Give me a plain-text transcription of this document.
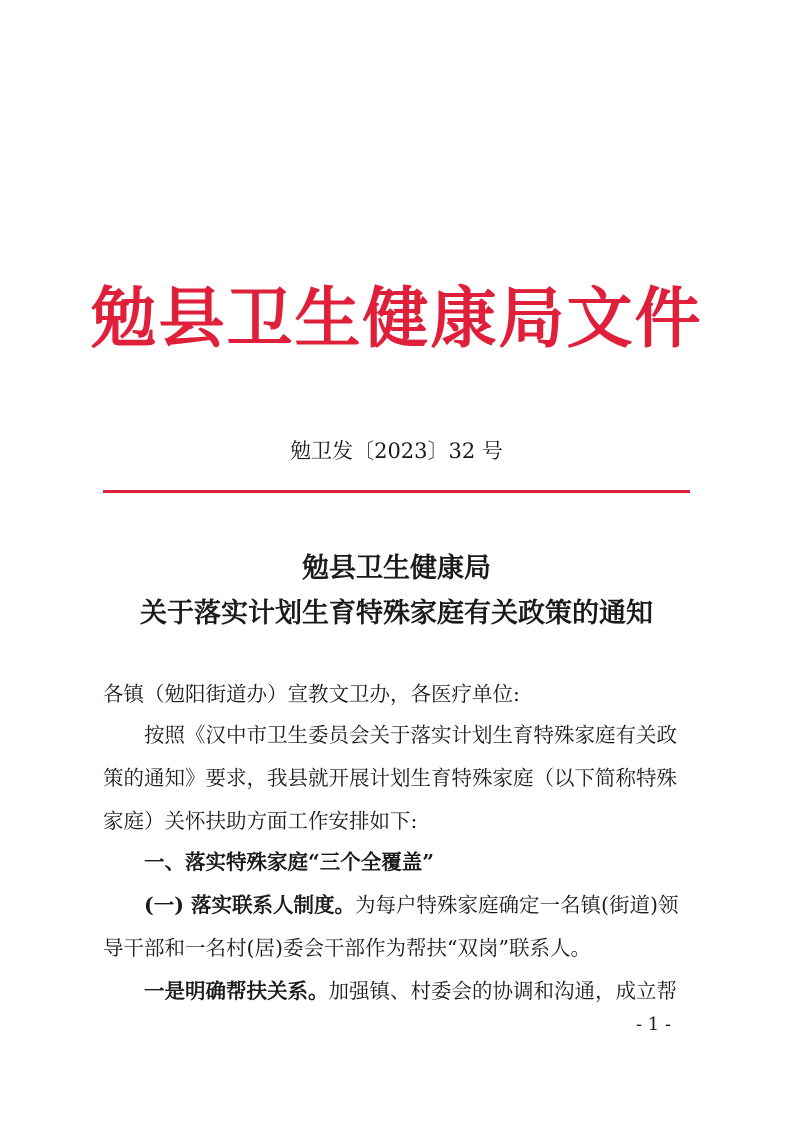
勉县卫生健康局文件
勉卫发〔2023〕32 号
勉县卫生健康局
关于落实计划生育特殊家庭有关政策的通知
各镇（勉阳街道办）宣教文卫办，各医疗单位:
按照《汉中市卫生委员会关于落实计划生育特殊家庭有关政
策的通知》要求，我县就开展计划生育特殊家庭（以下简称特殊
家庭）关怀扶助方面工作安排如下:
一、落实特殊家庭“三个全覆盖”
(一) 落实联系人制度。为每户特殊家庭确定一名镇(街道)领
导干部和一名村(居)委会干部作为帮扶“双岗”联系人。
一是明确帮扶关系。加强镇、村委会的协调和沟通，成立帮
- 1 -
